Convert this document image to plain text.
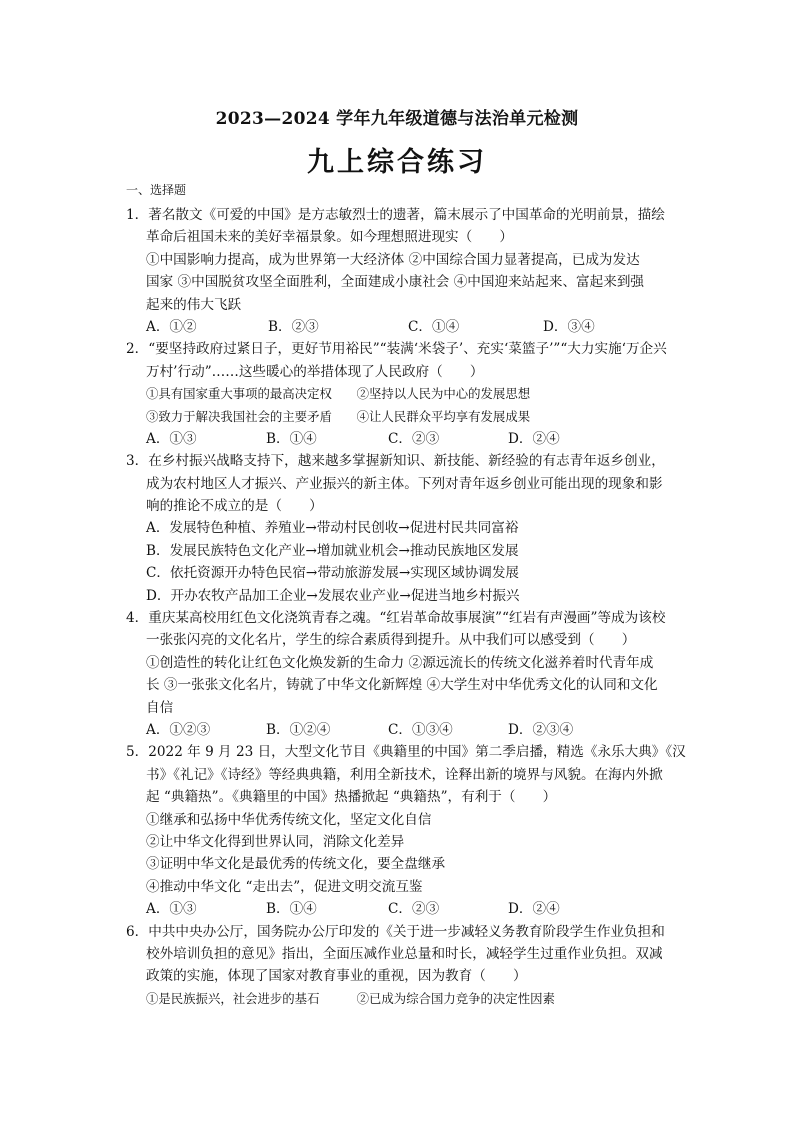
2023—2024 学年九年级道德与法治单元检测
九上综合练习
一、选择题
1．著名散文《可爱的中国》是方志敏烈士的遗著，篇末展示了中国革命的光明前景，描绘
革命后祖国未来的美好幸福景象。如今理想照进现实（　　）
①中国影响力提高，成为世界第一大经济体 ②中国综合国力显著提高，已成为发达
国家 ③中国脱贫攻坚全面胜利，全面建成小康社会 ④中国迎来站起来、富起来到强
起来的伟大飞跃
A．①②	B．②③	C．①④	D．③④
2．“要坚持政府过紧日子，更好节用裕民”“装满‘米袋子’、充实‘菜篮子’”“大力实施‘万企兴
万村’行动”……这些暖心的举措体现了人民政府（　　）
①具有国家重大事项的最高决定权　　②坚持以人民为中心的发展思想
③致力于解决我国社会的主要矛盾　　④让人民群众平均享有发展成果
A．①③	B．①④	C．②③	D．②④
3．在乡村振兴战略支持下，越来越多掌握新知识、新技能、新经验的有志青年返乡创业，
成为农村地区人才振兴、产业振兴的新主体。下列对青年返乡创业可能出现的现象和影
响的推论不成立的是（　　）
A．发展特色种植、养殖业→带动村民创收→促进村民共同富裕
B．发展民族特色文化产业→增加就业机会→推动民族地区发展
C．依托资源开办特色民宿→带动旅游发展→实现区域协调发展
D．开办农牧产品加工企业→发展农业产业→促进当地乡村振兴
4．重庆某高校用红色文化浇筑青春之魂。“红岩革命故事展演”“红岩有声漫画”等成为该校
一张张闪亮的文化名片，学生的综合素质得到提升。从中我们可以感受到（　　）
①创造性的转化让红色文化焕发新的生命力 ②源远流长的传统文化滋养着时代青年成
长 ③一张张文化名片，铸就了中华文化新辉煌 ④大学生对中华优秀文化的认同和文化
自信
A．①②③	B．①②④	C．①③④	D．②③④
5．2022 年 9 月 23 日，大型文化节目《典籍里的中国》第二季启播，精选《永乐大典》《汉
书》《礼记》《诗经》等经典典籍，利用全新技术，诠释出新的境界与风貌。在海内外掀
起 “典籍热”。《典籍里的中国》热播掀起 “典籍热”，有利于（　　）
①继承和弘扬中华优秀传统文化，坚定文化自信
②让中华文化得到世界认同，消除文化差异
③证明中华文化是最优秀的传统文化，要全盘继承
④推动中华文化 “走出去”，促进文明交流互鉴
A．①③	B．①④	C．②③	D．②④
6．中共中央办公厅，国务院办公厅印发的《关于进一步减轻义务教育阶段学生作业负担和
校外培训负担的意见》指出，全面压减作业总量和时长，减轻学生过重作业负担。双减
政策的实施，体现了国家对教育事业的重视，因为教育（　　）
①是民族振兴，社会进步的基石　　　②已成为综合国力竞争的决定性因素
